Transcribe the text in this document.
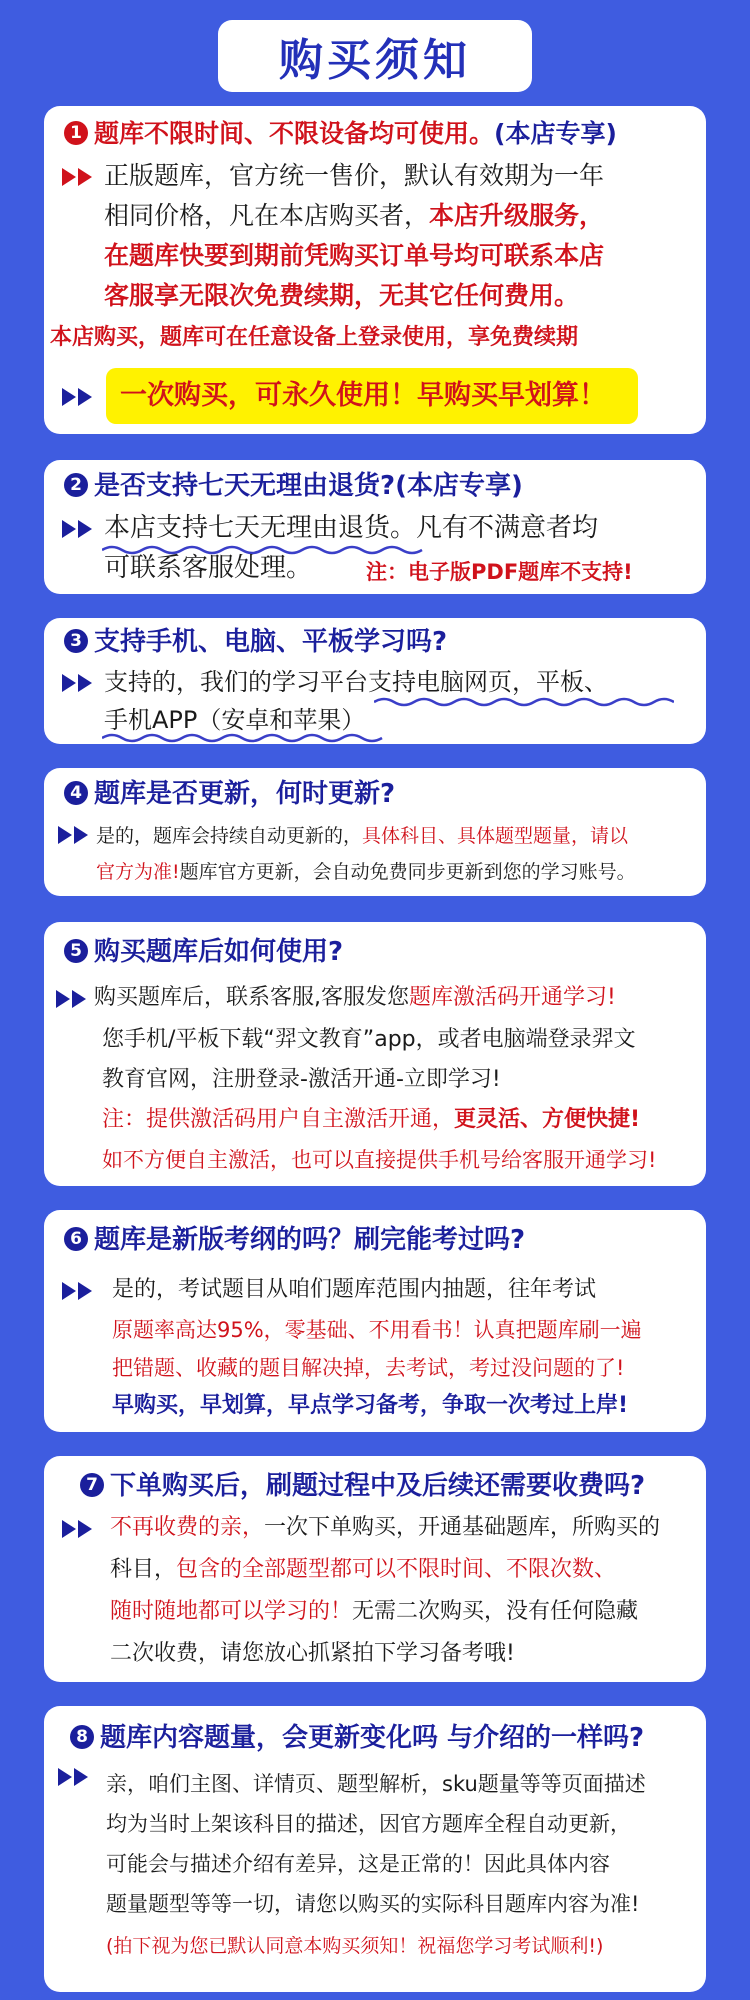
购买须知
1 题库不限时间、不限设备均可使用。(本店专享)
正版题库，官方统一售价，默认有效期为一年
相同价格，凡在本店购买者，本店升级服务，
在题库快要到期前凭购买订单号均可联系本店
客服享无限次免费续期，无其它任何费用。
本店购买，题库可在任意设备上登录使用，享免费续期
一次购买，可永久使用！早购买早划算！
2 是否支持七天无理由退货?(本店专享)
本店支持七天无理由退货。凡有不满意者均
可联系客服处理。	注：电子版PDF题库不支持!
3 支持手机、电脑、平板学习吗?
支持的，我们的学习平台支持电脑网页，平板、
手机APP（安卓和苹果）
4 题库是否更新，何时更新?
是的，题库会持续自动更新的，具体科目、具体题型题量，请以
官方为准!题库官方更新，会自动免费同步更新到您的学习账号。
5 购买题库后如何使用?
购买题库后，联系客服,客服发您题库激活码开通学习!
您手机/平板下载“羿文教育”app，或者电脑端登录羿文
教育官网，注册登录-激活开通-立即学习!
注：提供激活码用户自主激活开通，更灵活、方便快捷!
如不方便自主激活，也可以直接提供手机号给客服开通学习!
6 题库是新版考纲的吗？刷完能考过吗?
是的，考试题目从咱们题库范围内抽题，往年考试
原题率高达95%，零基础、不用看书！认真把题库刷一遍
把错题、收藏的题目解决掉，去考试，考过没问题的了!
早购买，早划算，早点学习备考，争取一次考过上岸!
7 下单购买后，刷题过程中及后续还需要收费吗?
不再收费的亲，一次下单购买，开通基础题库，所购买的
科目，包含的全部题型都可以不限时间、不限次数、
随时随地都可以学习的！无需二次购买，没有任何隐藏
二次收费，请您放心抓紧拍下学习备考哦!
8 题库内容题量，会更新变化吗 与介绍的一样吗?
亲，咱们主图、详情页、题型解析，sku题量等等页面描述
均为当时上架该科目的描述，因官方题库全程自动更新，
可能会与描述介绍有差异，这是正常的！因此具体内容
题量题型等等一切，请您以购买的实际科目题库内容为准!
(拍下视为您已默认同意本购买须知！祝福您学习考试顺利!)
